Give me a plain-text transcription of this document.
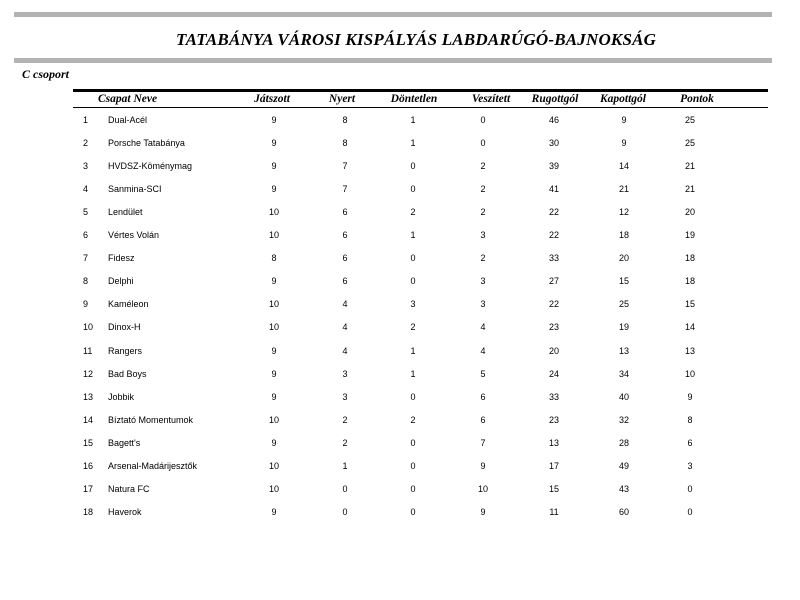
TATABÁNYA VÁROSI KISPÁLYÁS LABDARÚGÓ-BAJNOKSÁG
C csoport
Csapat Neve	Játszott	Nyert	Döntetlen	Veszített Rugottgól Kapottgól	Pontok
1 Dual-Acél	9	8	1	0	46	9	25
2 Porsche Tatabánya	9	8	1	0	30	9	25
3 HVDSZ-Köménymag	9	7	0	2	39	14	21
4 Sanmina-SCI	9	7	0	2	41	21	21
5 Lendület	10	6	2	2	22	12	20
6 Vértes Volán	10	6	1	3	22	18	19
7 Fidesz	8	6	0	2	33	20	18
8 Delphi	9	6	0	3	27	15	18
9 Kaméleon	10	4	3	3	22	25	15
10 Dinox-H	10	4	2	4	23	19	14
11 Rangers	9	4	1	4	20	13	13
12 Bad Boys	9	3	1	5	24	34	10
13 Jobbik	9	3	0	6	33	40	9
14 Bíztató Momentumok	10	2	2	6	23	32	8
15 Bagett's	9	2	0	7	13	28	6
16 Arsenal-Madárijesztők	10	1	0	9	17	49	3
17 Natura FC	10	0	0	10	15	43	0
18 Haverok	9	0	0	9	11	60	0
